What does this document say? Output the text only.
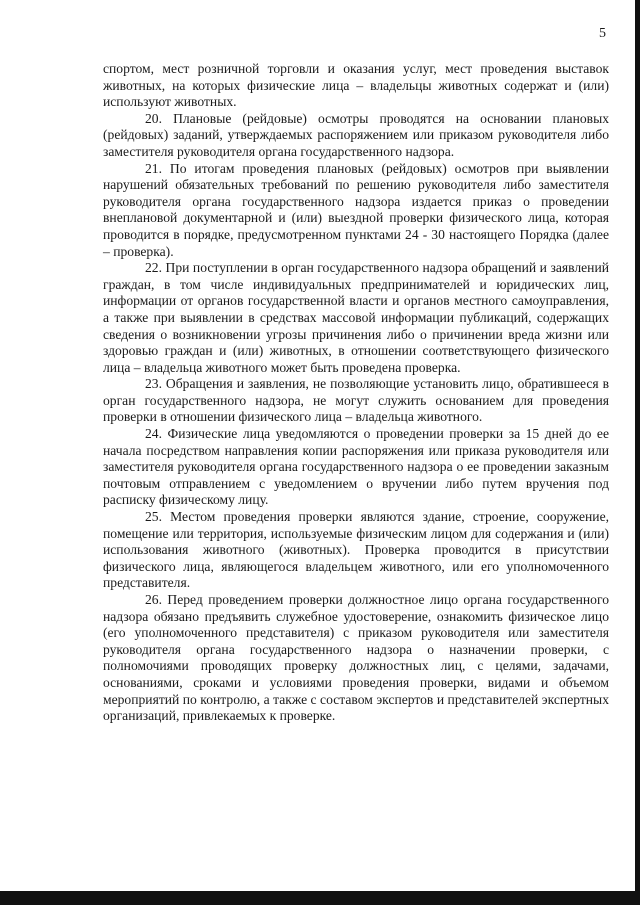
5

спортом, мест розничной торговли и оказания услуг, мест проведения выставок животных, на которых физические лица – владельцы животных содержат и (или) используют животных.

20. Плановые (рейдовые) осмотры проводятся на основании плановых (рейдовых) заданий, утверждаемых распоряжением или приказом руководителя либо заместителя руководителя органа государственного надзора.

21. По итогам проведения плановых (рейдовых) осмотров при выявлении нарушений обязательных требований по решению руководителя либо заместителя руководителя органа государственного надзора издается приказ о проведении внеплановой документарной и (или) выездной проверки физического лица, которая проводится в порядке, предусмотренном пунктами 24 - 30 настоящего Порядка (далее – проверка).

22. При поступлении в орган государственного надзора обращений и заявлений граждан, в том числе индивидуальных предпринимателей и юридических лиц, информации от органов государственной власти и органов местного самоуправления, а также при выявлении в средствах массовой информации публикаций, содержащих сведения о возникновении угрозы причинения либо о причинении вреда жизни или здоровью граждан и (или) животных, в отношении соответствующего физического лица – владельца животного может быть проведена проверка.

23. Обращения и заявления, не позволяющие установить лицо, обратившееся в орган государственного надзора, не могут служить основанием для проведения проверки в отношении физического лица – владельца животного.

24. Физические лица уведомляются о проведении проверки за 15 дней до ее начала посредством направления копии распоряжения или приказа руководителя или заместителя руководителя органа государственного надзора о ее проведении заказным почтовым отправлением с уведомлением о вручении либо путем вручения под расписку физическому лицу.

25. Местом проведения проверки являются здание, строение, сооружение, помещение или территория, используемые физическим лицом для содержания и (или) использования животного (животных). Проверка проводится в присутствии физического лица, являющегося владельцем животного, или его уполномоченного представителя.

26. Перед проведением проверки должностное лицо органа государственного надзора обязано предъявить служебное удостоверение, ознакомить физическое лицо (его уполномоченного представителя) с приказом руководителя или заместителя руководителя органа государственного надзора о назначении проверки, с полномочиями проводящих проверку должностных лиц, с целями, задачами, основаниями, сроками и условиями проведения проверки, видами и объемом мероприятий по контролю, а также с составом экспертов и представителей экспертных организаций, привлекаемых к проверке.
